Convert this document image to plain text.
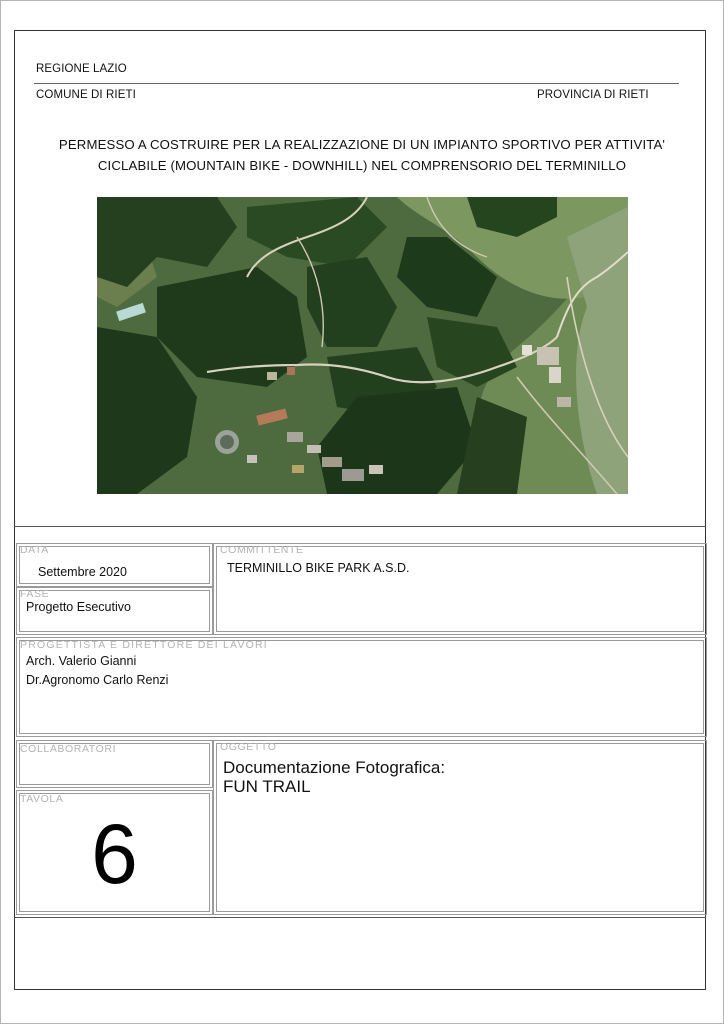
REGIONE LAZIO
COMUNE DI RIETI	PROVINCIA DI RIETI
PERMESSO A COSTRUIRE PER LA REALIZZAZIONE DI UN IMPIANTO SPORTIVO PER ATTIVITA'
CICLABILE (MOUNTAIN BIKE - DOWNHILL) NEL COMPRENSORIO DEL TERMINILLO
DATA
Settembre 2020
FASE
Progetto Esecutivo
COMMITTENTE
TERMINILLO BIKE PARK A.S.D.
PROGETTISTA E DIRETTORE DEI LAVORI
Arch. Valerio Gianni
Dr.Agronomo Carlo Renzi
COLLABORATORI
TAVOLA
6
OGGETTO
Documentazione Fotografica:
FUN TRAIL
